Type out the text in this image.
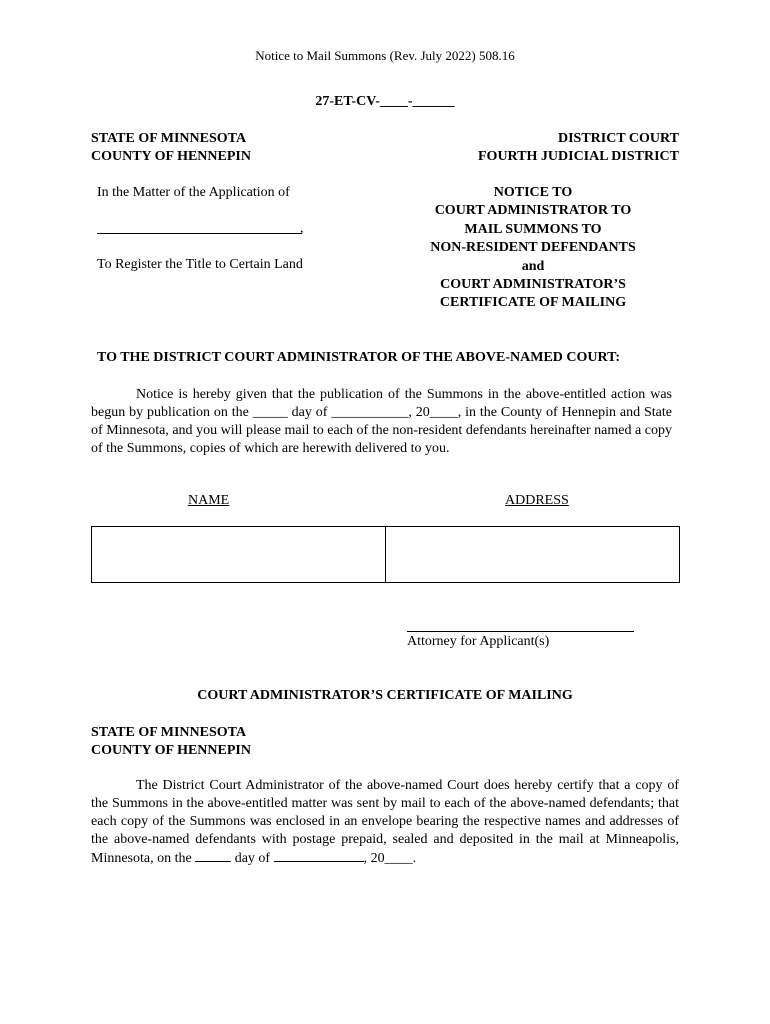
Notice to Mail Summons (Rev. July 2022) 508.16
27-ET-CV-____-______
STATE OF MINNESOTA
COUNTY OF HENNEPIN
DISTRICT COURT
FOURTH JUDICIAL DISTRICT
In the Matter of the Application of
,
To Register the Title to Certain Land
NOTICE TO
COURT ADMINISTRATOR TO
MAIL SUMMONS TO
NON-RESIDENT DEFENDANTS
and
COURT ADMINISTRATOR’S
CERTIFICATE OF MAILING
TO THE DISTRICT COURT ADMINISTRATOR OF THE ABOVE-NAMED COURT:
Notice is hereby given that the publication of the Summons in the above-entitled action was begun by publication on the _____ day of ___________, 20____, in the County of Hennepin and State of Minnesota, and you will please mail to each of the non-resident defendants hereinafter named a copy of the Summons, copies of which are herewith delivered to you.
NAME	ADDRESS

Attorney for Applicant(s)
COURT ADMINISTRATOR’S CERTIFICATE OF MAILING
STATE OF MINNESOTA
COUNTY OF HENNEPIN
The District Court Administrator of the above-named Court does hereby certify that a copy of the Summons in the above-entitled matter was sent by mail to each of the above-named defendants; that each copy of the Summons was enclosed in an envelope bearing the respective names and addresses of the above-named defendants with postage prepaid, sealed and deposited in the mail at Minneapolis, Minnesota, on the	day of	, 20____.
